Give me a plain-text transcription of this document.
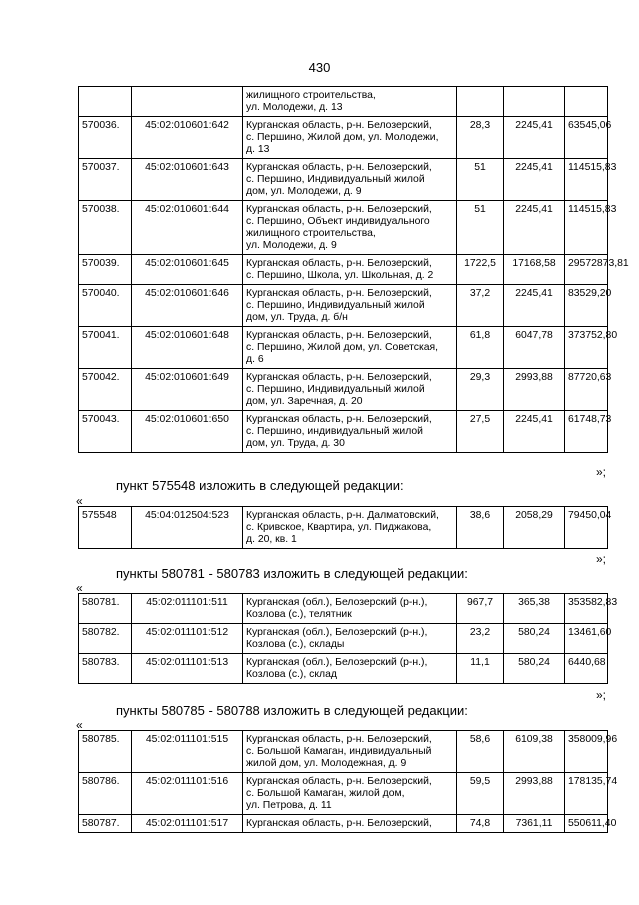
430
		жилищного строительства,
ул. Молодежи, д. 13			
570036.	45:02:010601:642	Курганская область, р-н. Белозерский,
с. Першино, Жилой дом, ул. Молодежи,
д. 13	28,3	2245,41	63545,06
570037.	45:02:010601:643	Курганская область, р-н. Белозерский,
с. Першино, Индивидуальный жилой
дом, ул. Молодежи, д. 9	51	2245,41	114515,83
570038.	45:02:010601:644	Курганская область, р-н. Белозерский,
с. Першино, Объект индивидуального
жилищного строительства,
ул. Молодежи, д. 9	51	2245,41	114515,83
570039.	45:02:010601:645	Курганская область, р-н. Белозерский,
с. Першино, Школа, ул. Школьная, д. 2	1722,5	17168,58	29572873,81
570040.	45:02:010601:646	Курганская область, р-н. Белозерский,
с. Першино, Индивидуальный жилой
дом, ул. Труда, д. б/н	37,2	2245,41	83529,20
570041.	45:02:010601:648	Курганская область, р-н. Белозерский,
с. Першино, Жилой дом, ул. Советская,
д. 6	61,8	6047,78	373752,80
570042.	45:02:010601:649	Курганская область, р-н. Белозерский,
с. Першино, Индивидуальный жилой
дом, ул. Заречная, д. 20	29,3	2993,88	87720,63
570043.	45:02:010601:650	Курганская область, р-н. Белозерский,
с. Першино, индивидуальный жилой
дом, ул. Труда, д. 30	27,5	2245,41	61748,73
»;
пункт 575548 изложить в следующей редакции:
«
575548	45:04:012504:523	Курганская область, р-н. Далматовский,
с. Кривское, Квартира, ул. Пиджакова,
д. 20, кв. 1	38,6	2058,29	79450,04
»;
пункты 580781 - 580783 изложить в следующей редакции:
«
580781.	45:02:011101:511	Курганская (обл.), Белозерский (р-н.),
Козлова (с.), телятник	967,7	365,38	353582,83
580782.	45:02:011101:512	Курганская (обл.), Белозерский (р-н.),
Козлова (с.), склады	23,2	580,24	13461,60
580783.	45:02:011101:513	Курганская (обл.), Белозерский (р-н.),
Козлова (с.), склад	11,1	580,24	6440,68
»;
пункты 580785 - 580788 изложить в следующей редакции:
«
580785.	45:02:011101:515	Курганская область, р-н. Белозерский,
с. Большой Камаган, индивидуальный
жилой дом, ул. Молодежная, д. 9	58,6	6109,38	358009,96
580786.	45:02:011101:516	Курганская область, р-н. Белозерский,
с. Большой Камаган, жилой дом,
ул. Петрова, д. 11	59,5	2993,88	178135,74
580787.	45:02:011101:517	Курганская область, р-н. Белозерский,	74,8	7361,11	550611,40
